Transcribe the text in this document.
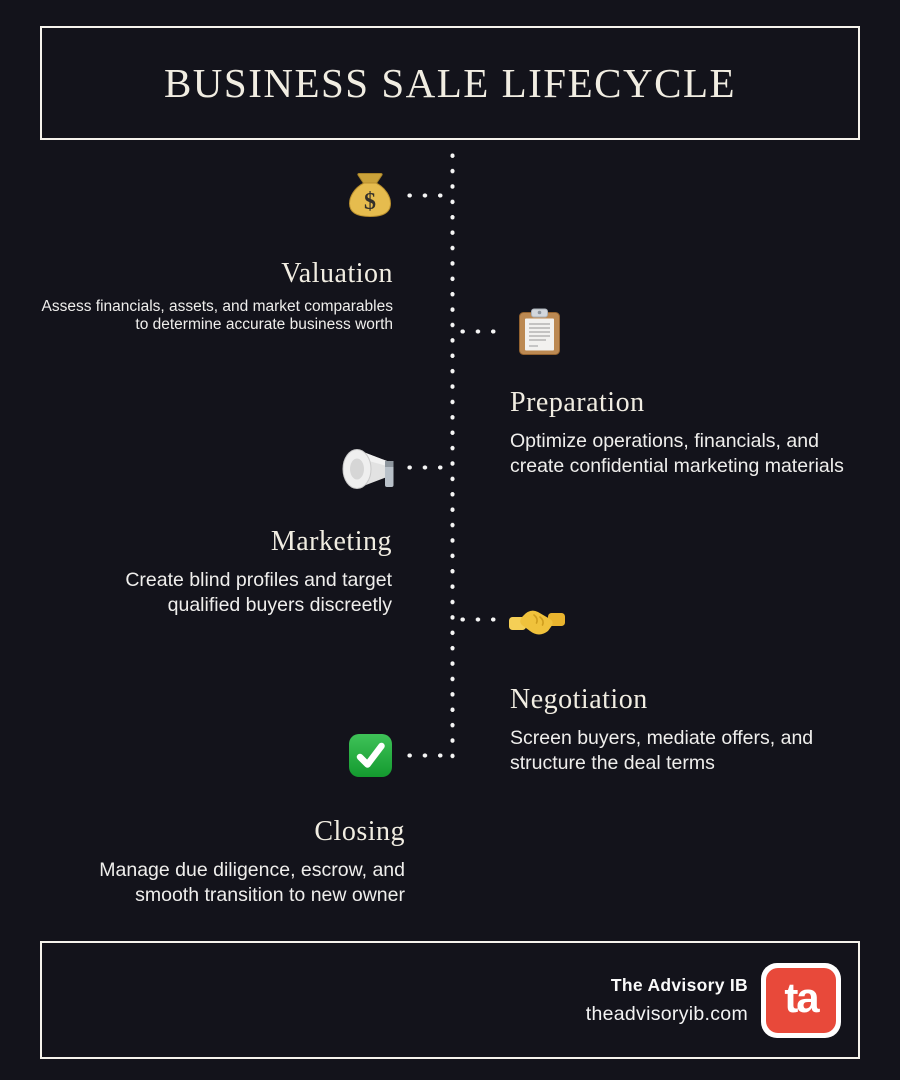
BUSINESS SALE LIFECYCLE
$
Valuation

Assess financials, assets, and market comparables
to determine accurate business worth

Preparation

Optimize operations, financials, and
create confidential marketing materials

Marketing

Create blind profiles and target
qualified buyers discreetly

Negotiation

Screen buyers, mediate offers, and
structure the deal terms

Closing

Manage due diligence, escrow, and
smooth transition to new owner

The Advisory IB
theadvisoryib.com ta
